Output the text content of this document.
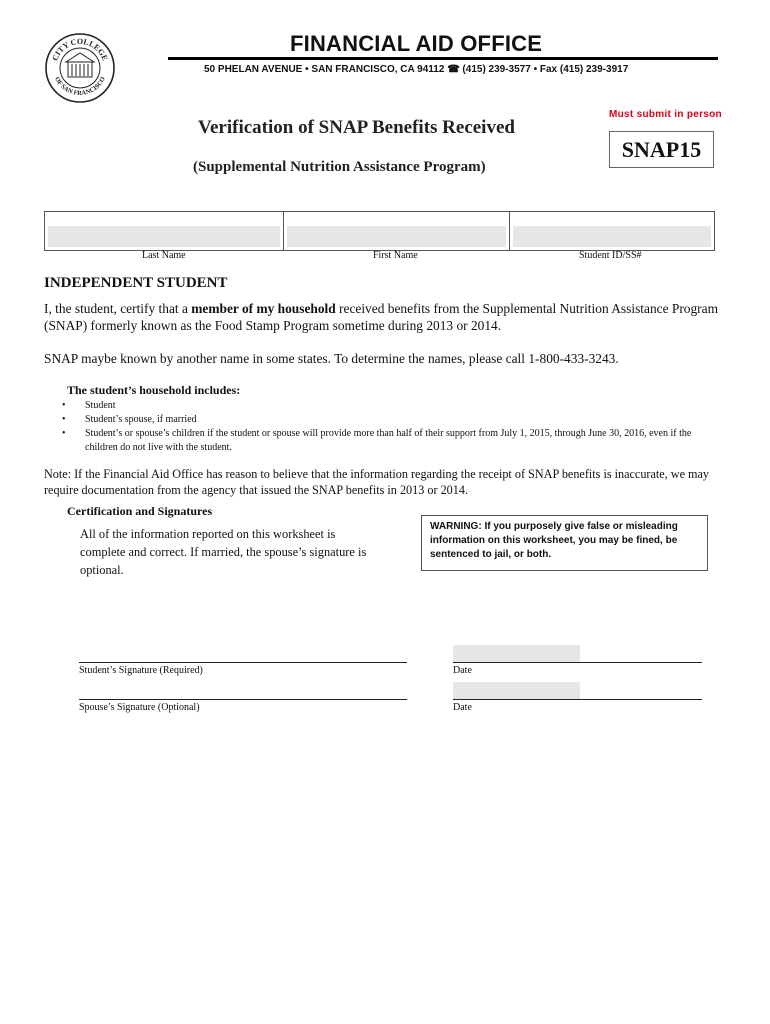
CITY COLLEGE
OF SAN FRANCISCO
FINANCIAL AID OFFICE
50 PHELAN AVENUE • SAN FRANCISCO, CA 94112 ☎ (415) 239-3577 • Fax (415) 239-3917
Must submit in person
Verification of SNAP Benefits Received
(Supplemental Nutrition Assistance Program)
SNAP15
Last Name	First Name	Student ID/SS#
INDEPENDENT STUDENT
I, the student, certify that a member of my household received benefits from the Supplemental Nutrition Assistance Program (SNAP) formerly known as the Food Stamp Program sometime during 2013 or 2014.
SNAP maybe known by another name in some states. To determine the names, please call 1-800-433-3243.
The student’s household includes:
• Student
• Student’s spouse, if married
• Student’s or spouse’s children if the student or spouse will provide more than half of their support from July 1, 2015, through June 30, 2016, even if the children do not live with the student.
Note: If the Financial Aid Office has reason to believe that the information regarding the receipt of SNAP benefits is inaccurate, we may require documentation from the agency that issued the SNAP benefits in 2013 or 2014.
Certification and Signatures
All of the information reported on this worksheet is complete and correct. If married, the spouse’s signature is optional.
WARNING: If you purposely give false or misleading information on this worksheet, you may be fined, be sentenced to jail, or both.
Student’s Signature (Required)	Date
Spouse’s Signature (Optional)	Date
